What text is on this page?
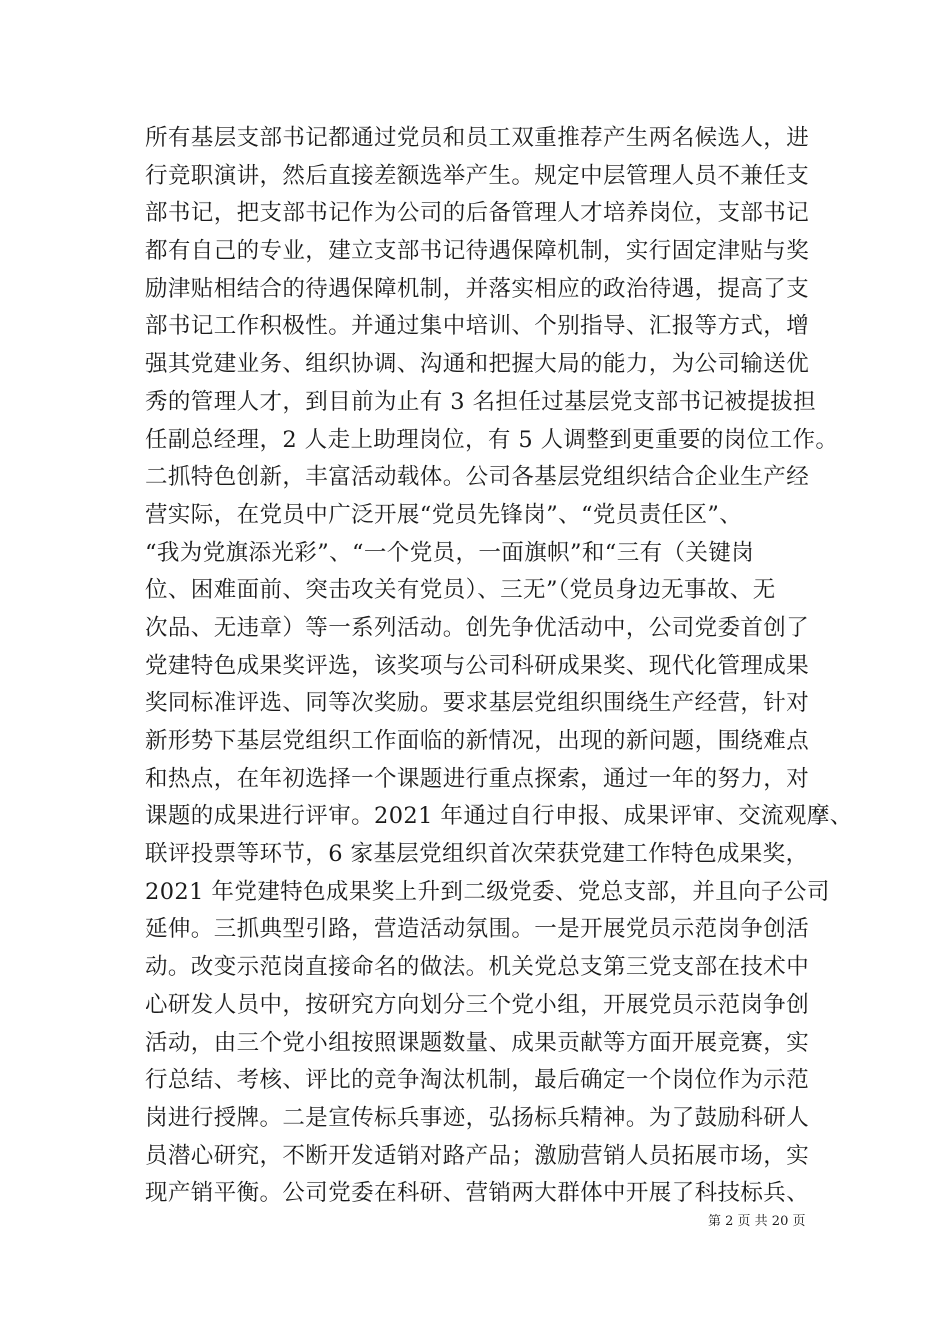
所有基层支部书记都通过党员和员工双重推荐产生两名候选人，进
行竞职演讲，然后直接差额选举产生。规定中层管理人员不兼任支
部书记，把支部书记作为公司的后备管理人才培养岗位，支部书记
都有自己的专业，建立支部书记待遇保障机制，实行固定津贴与奖
励津贴相结合的待遇保障机制，并落实相应的政治待遇，提高了支
部书记工作积极性。并通过集中培训、个别指导、汇报等方式，增
强其党建业务、组织协调、沟通和把握大局的能力，为公司输送优
秀的管理人才，到目前为止有 3 名担任过基层党支部书记被提拔担
任副总经理，2 人走上助理岗位，有 5 人调整到更重要的岗位工作。
二抓特色创新，丰富活动载体。公司各基层党组织结合企业生产经
营实际，在党员中广泛开展“党员先锋岗”、“党员责任区”、
“我为党旗添光彩”、“一个党员，一面旗帜”和“三有（关键岗
位、困难面前、突击攻关有党员）、三无”（党员身边无事故、无
次品、无违章）等一系列活动。创先争优活动中，公司党委首创了
党建特色成果奖评选，该奖项与公司科研成果奖、现代化管理成果
奖同标准评选、同等次奖励。要求基层党组织围绕生产经营，针对
新形势下基层党组织工作面临的新情况，出现的新问题，围绕难点
和热点，在年初选择一个课题进行重点探索，通过一年的努力，对
课题的成果进行评审。2021 年通过自行申报、成果评审、交流观摩、
联评投票等环节，6 家基层党组织首次荣获党建工作特色成果奖，
2021 年党建特色成果奖上升到二级党委、党总支部，并且向子公司
延伸。三抓典型引路，营造活动氛围。一是开展党员示范岗争创活
动。改变示范岗直接命名的做法。机关党总支第三党支部在技术中
心研发人员中，按研究方向划分三个党小组，开展党员示范岗争创
活动，由三个党小组按照课题数量、成果贡献等方面开展竞赛，实
行总结、考核、评比的竞争淘汰机制，最后确定一个岗位作为示范
岗进行授牌。二是宣传标兵事迹，弘扬标兵精神。为了鼓励科研人
员潜心研究，不断开发适销对路产品；激励营销人员拓展市场，实
现产销平衡。公司党委在科研、营销两大群体中开展了科技标兵、
第 2 页 共 20 页
